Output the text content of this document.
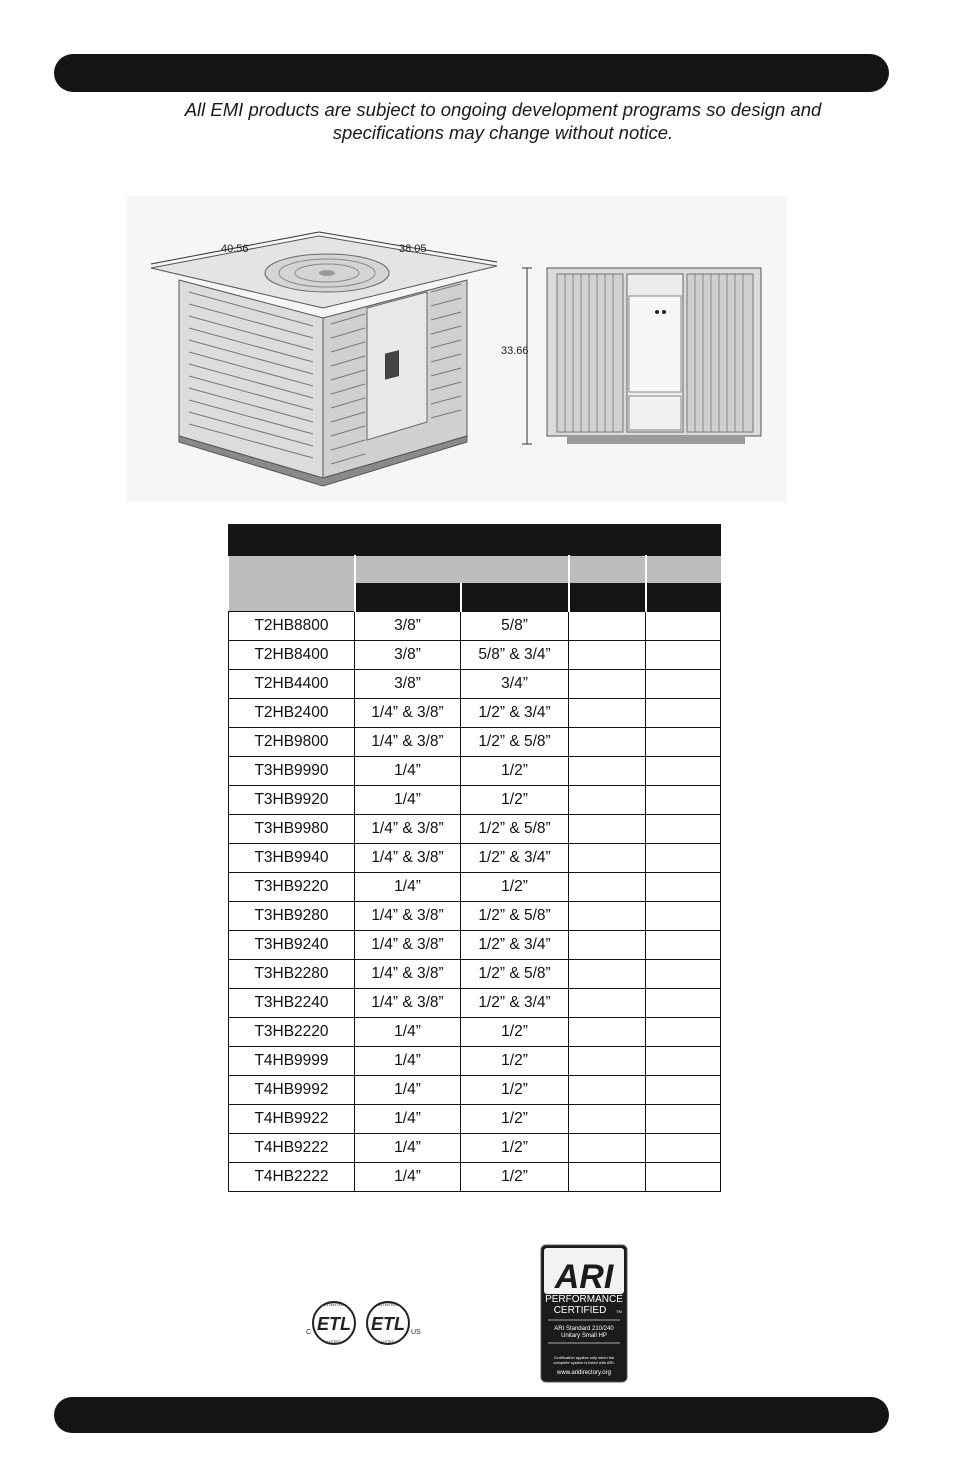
All EMI products are subject to ongoing development programs so design and
specifications may change without notice.
40.56	38.05
33.66

T2HB8800	3/8”	5/8”		
T2HB8400	3/8”	5/8” & 3/4”		
T2HB4400	3/8”	3/4”		
T2HB2400	1/4” & 3/8”	1/2” & 3/4”		
T2HB9800	1/4” & 3/8”	1/2” & 5/8”		
T3HB9990	1/4”	1/2”		
T3HB9920	1/4”	1/2”		
T3HB9980	1/4” & 3/8”	1/2” & 5/8”		
T3HB9940	1/4” & 3/8”	1/2” & 3/4”		
T3HB9220	1/4”	1/2”		
T3HB9280	1/4” & 3/8”	1/2” & 5/8”		
T3HB9240	1/4” & 3/8”	1/2” & 3/4”		
T3HB2280	1/4” & 3/8”	1/2” & 5/8”		
T3HB2240	1/4” & 3/8”	1/2” & 3/4”		
T3HB2220	1/4”	1/2”		
T4HB9999	1/4”	1/2”		
T4HB9992	1/4”	1/2”		
T4HB9922	1/4”	1/2”		
T4HB9222	1/4”	1/2”		
T4HB2222	1/4”	1/2”		
ETL
INTERTEK
LISTED
C	ETL
INTERTEK
LISTED
US
ARI
PERFORMANCE
CERTIFIED TM
ARI Standard 210/240
Unitary Small HP
Certification applies only when the
complete system is listed with ARI.
www.aridirectory.org
